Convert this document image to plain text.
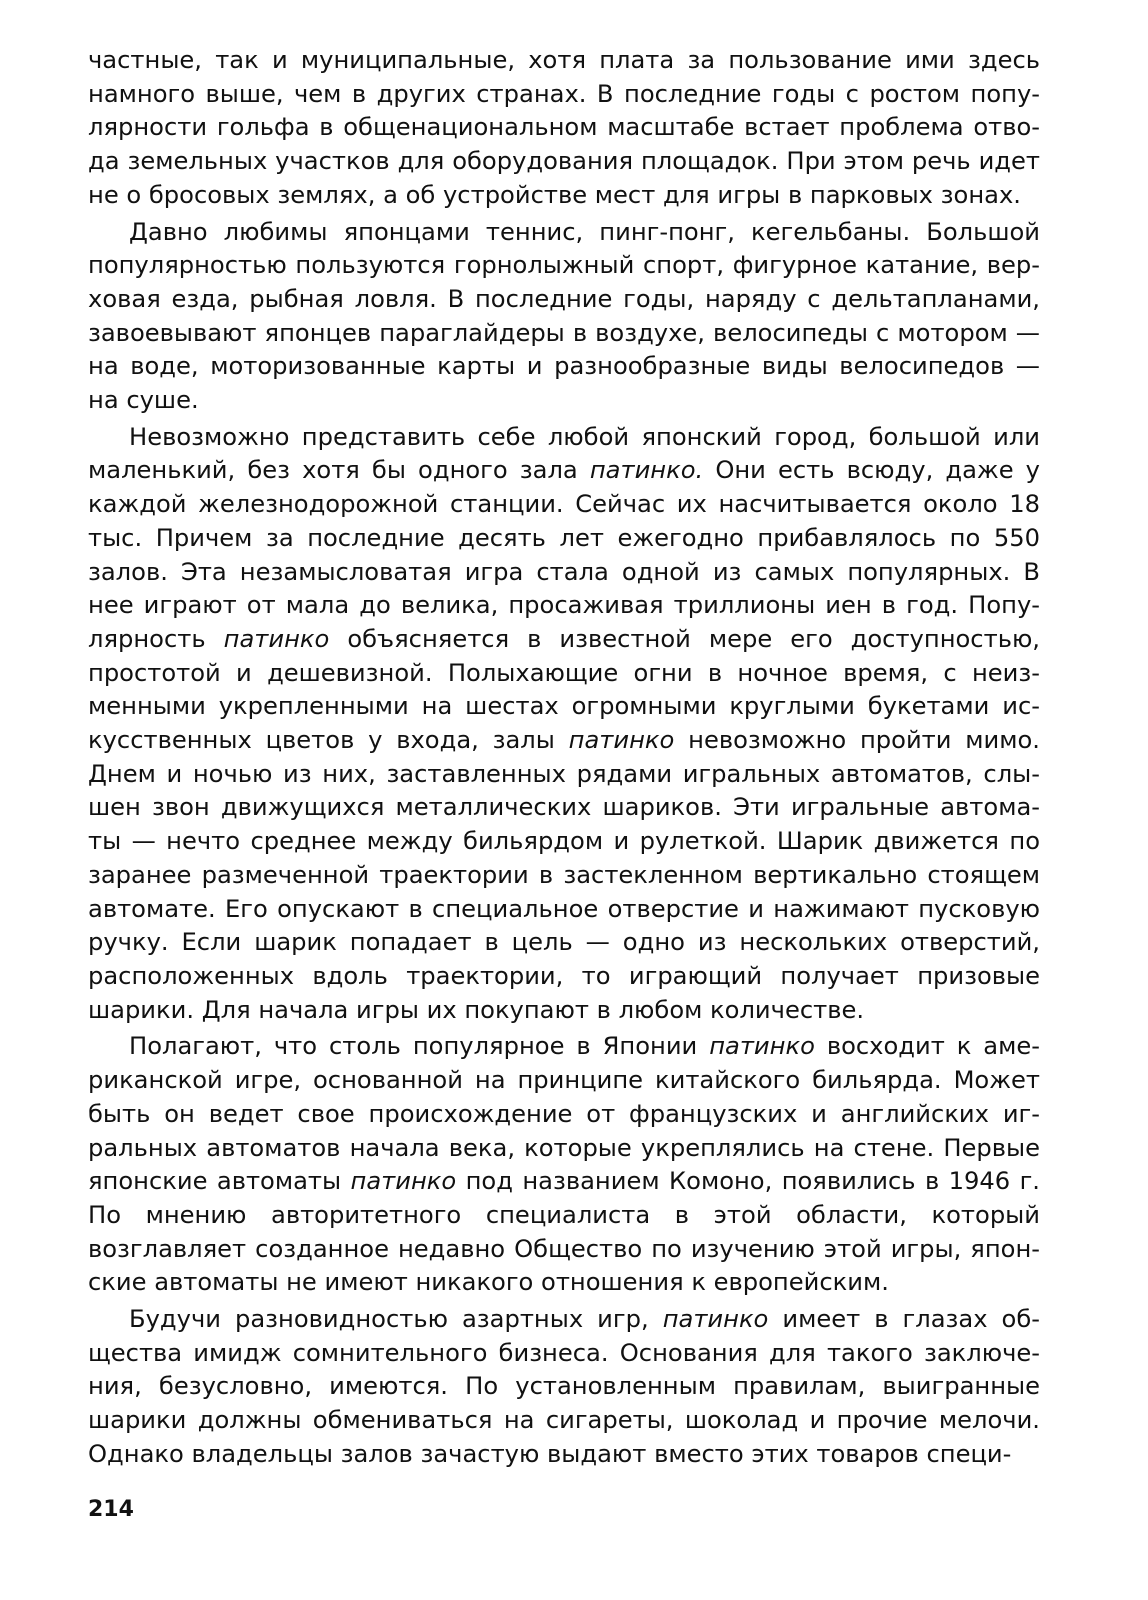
частные, так и муниципальные, хотя плата за пользование ими здесь намного выше, чем в других странах. В последние годы с ростом популярности гольфа в общенациональном масштабе встает проблема отвода земельных участков для оборудования площадок. При этом речь идет не о бросовых землях, а об устройстве мест для игры в парковых зонах.

Давно любимы японцами теннис, пинг-понг, кегельбаны. Большой популярностью пользуются горнолыжный спорт, фигурное катание, верховая езда, рыбная ловля. В последние годы, наряду с дельтапланами, завоевывают японцев параглайдеры в воздухе, велосипеды с мотором — на воде, моторизованные карты и разнообразные виды велосипедов — на суше.

Невозможно представить себе любой японский город, большой или маленький, без хотя бы одного зала патинко. Они есть всюду, даже у каждой железнодорожной станции. Сейчас их насчитывается около 18 тыс. Причем за последние десять лет ежегодно прибавлялось по 550 залов. Эта незамысловатая игра стала одной из самых популярных. В нее играют от мала до велика, просаживая триллионы иен в год. Популярность патинко объясняется в известной мере его доступностью, простотой и дешевизной. Полыхающие огни в ночное время, с неизменными укрепленными на шестах огромными круглыми букетами искусственных цветов у входа, залы патинко невозможно пройти мимо. Днем и ночью из них, заставленных рядами игральных автоматов, слышен звон движущихся металлических шариков. Эти игральные автоматы — нечто среднее между бильярдом и рулеткой. Шарик движется по заранее размеченной траектории в застекленном вертикально стоящем автомате. Его опускают в специальное отверстие и нажимают пусковую ручку. Если шарик попадает в цель — одно из нескольких отверстий, расположенных вдоль траектории, то играющий получает призовые шарики. Для начала игры их покупают в любом количестве.

Полагают, что столь популярное в Японии патинко восходит к американской игре, основанной на принципе китайского бильярда. Может быть он ведет свое происхождение от французских и английских игральных автоматов начала века, которые укреплялись на стене. Первые японские автоматы патинко под названием Комоно, появились в 1946 г. По мнению авторитетного специалиста в этой области, который возглавляет созданное недавно Общество по изучению этой игры, японские автоматы не имеют никакого отношения к европейским.

Будучи разновидностью азартных игр, патинко имеет в глазах общества имидж сомнительного бизнеса. Основания для такого заключения, безусловно, имеются. По установленным правилам, выигранные шарики должны обмениваться на сигареты, шоколад и прочие мелочи. Однако владельцы залов зачастую выдают вместо этих товаров специ-

214
